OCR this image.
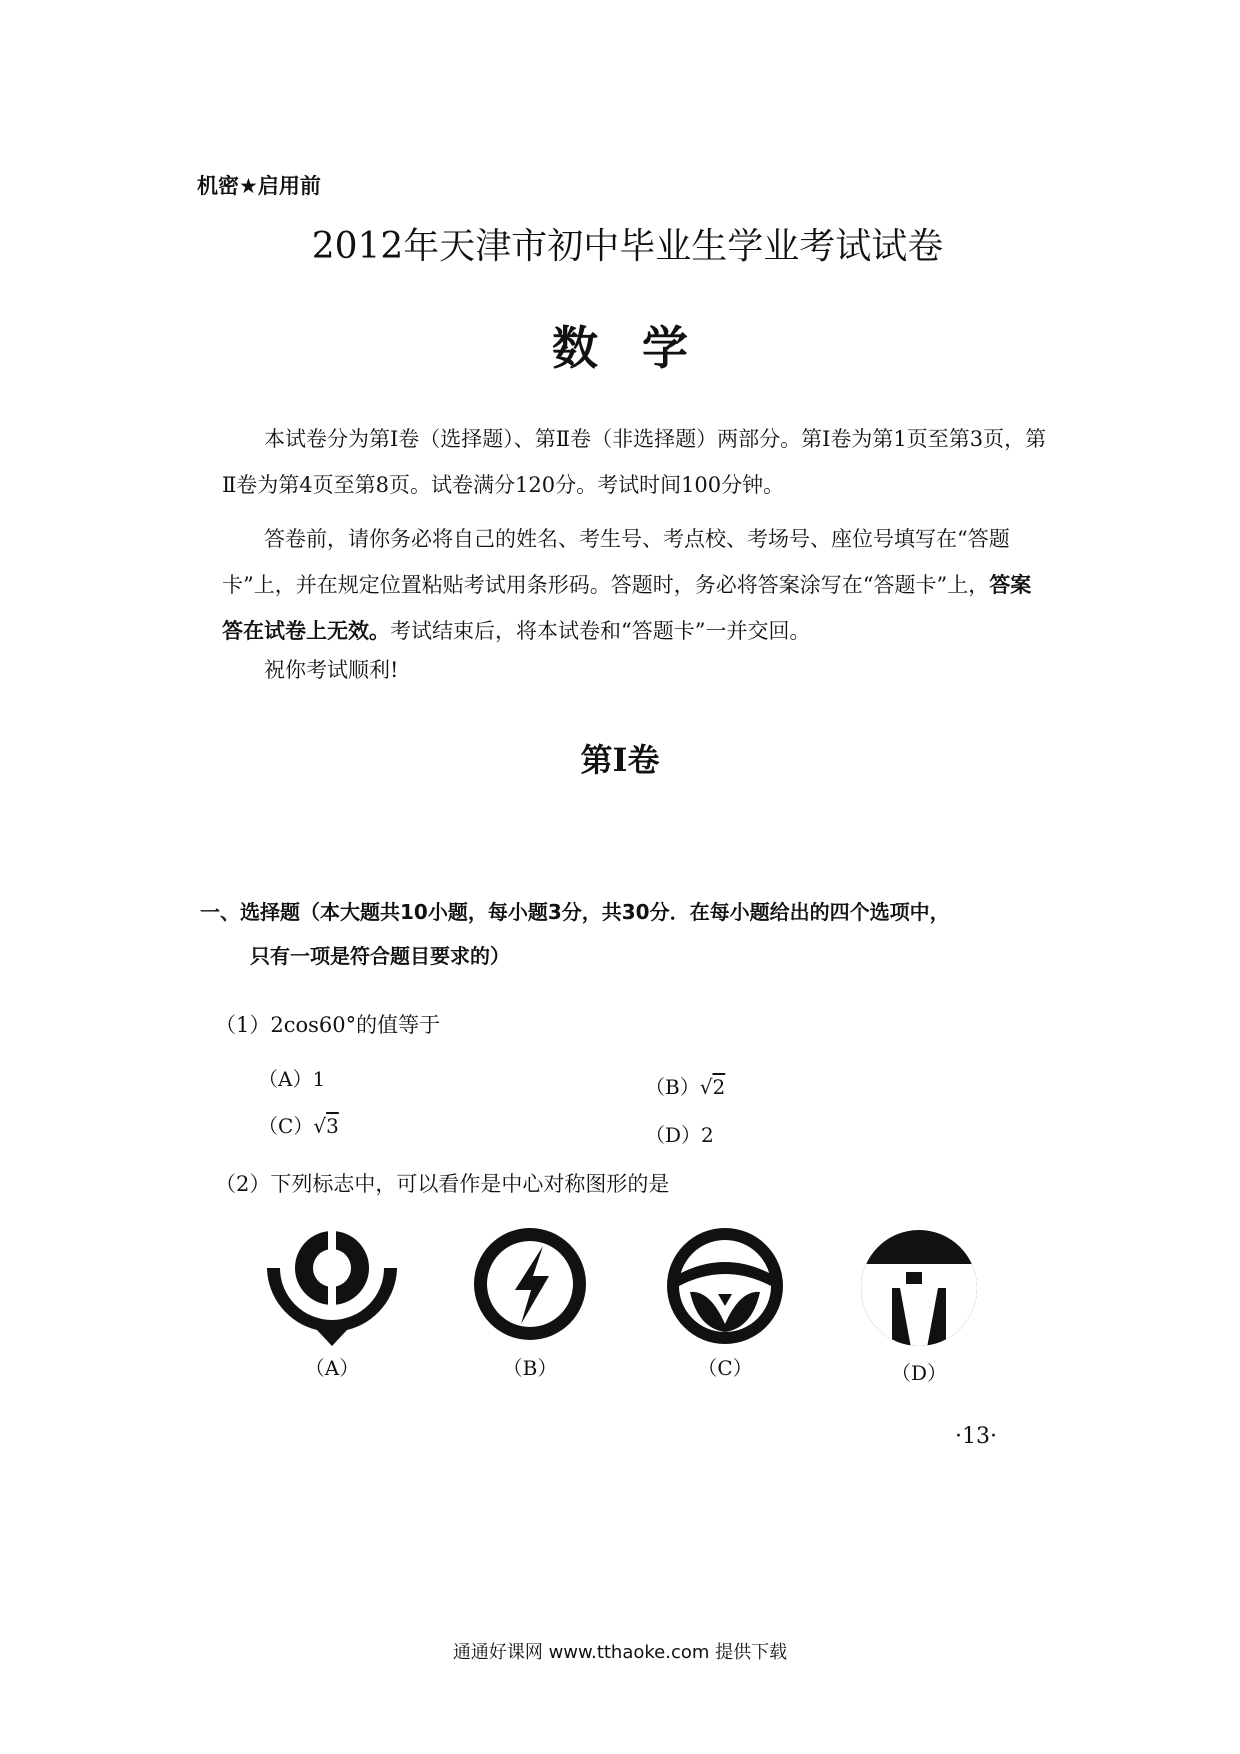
机密★启用前
2012年天津市初中毕业生学业考试试卷
数学

本试卷分为第Ⅰ卷（选择题）、第Ⅱ卷（非选择题）两部分。第Ⅰ卷为第1页至第3页，第Ⅱ卷为第4页至第8页。试卷满分120分。考试时间100分钟。

答卷前，请你务必将自己的姓名、考生号、考点校、考场号、座位号填写在“答题卡”上，并在规定位置粘贴考试用条形码。答题时，务必将答案涂写在“答题卡”上，答案答在试卷上无效。考试结束后，将本试卷和“答题卡”一并交回。

祝你考试顺利!
第Ⅰ卷
一、选择题（本大题共10小题，每小题3分，共30分．在每小题给出的四个选项中，
只有一项是符合题目要求的）
（1）2cos60°的值等于
（A）1	（B）√2
（C）√3	（D）2
（2）下列标志中，可以看作是中心对称图形的是
（A）	（B）	（C）	（D）
·13·
通通好课网 www.tthaoke.com 提供下载
